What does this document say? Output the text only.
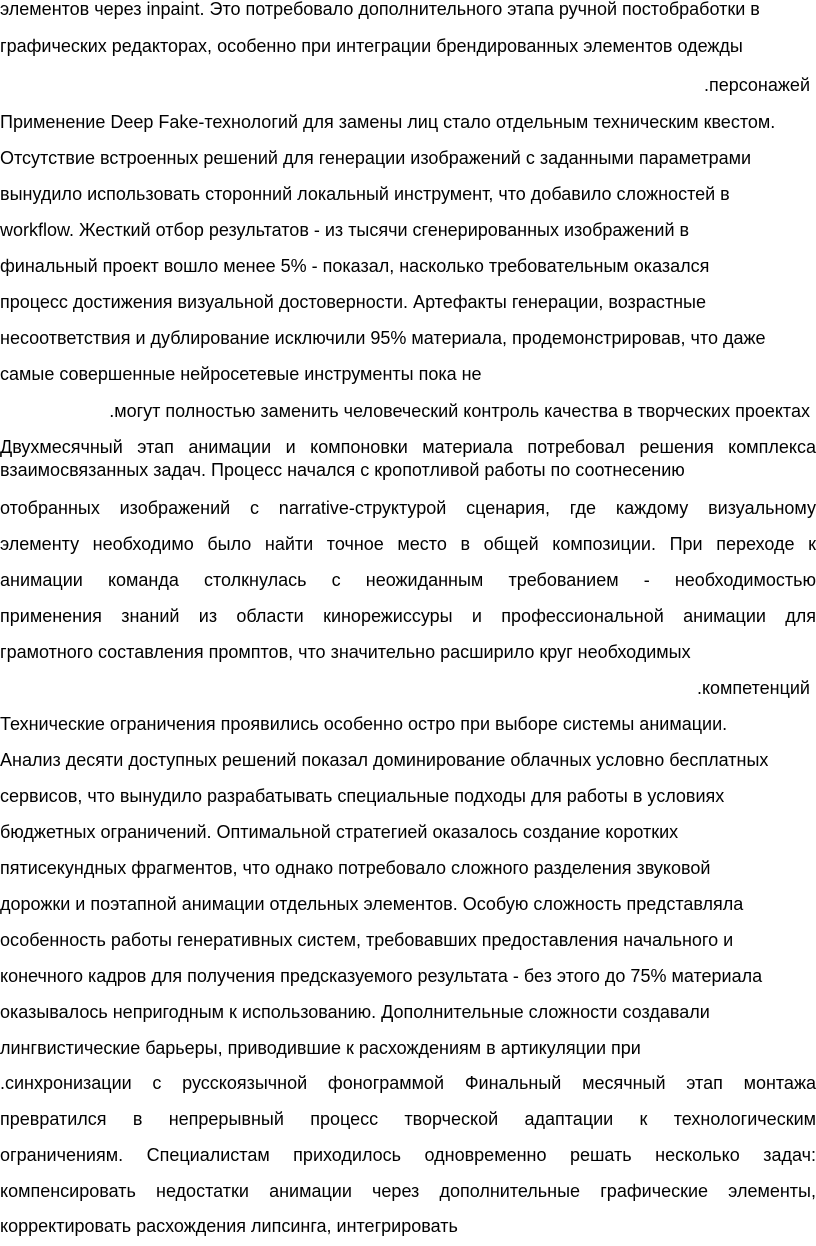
элементов через inpaint. Это потребовало дополнительного этапа ручной постобработки в
графических редакторах, особенно при интеграции брендированных элементов одежды
.персонажей
Применение Deep Fake-технологий для замены лиц стало отдельным техническим квестом.
Отсутствие встроенных решений для генерации изображений с заданными параметрами
вынудило использовать сторонний локальный инструмент, что добавило сложностей в
workflow. Жесткий отбор результатов - из тысячи сгенерированных изображений в
финальный проект вошло менее 5% - показал, насколько требовательным оказался
процесс достижения визуальной достоверности. Артефакты генерации, возрастные
несоответствия и дублирование исключили 95% материала, продемонстрировав, что даже
самые совершенные нейросетевые инструменты пока не
.могут полностью заменить человеческий контроль качества в творческих проектах
Двухмесячный этап анимации и компоновки материала потребовал решения комплекса
взаимосвязанных задач. Процесс начался с кропотливой работы по соотнесению
отобранных изображений с narrative-структурой сценария, где каждому визуальному
элементу необходимо было найти точное место в общей композиции. При переходе к
анимации команда столкнулась с неожиданным требованием - необходимостью
применения знаний из области кинорежиссуры и профессиональной анимации для
грамотного составления промптов, что значительно расширило круг необходимых
.компетенций
Технические ограничения проявились особенно остро при выборе системы анимации.
Анализ десяти доступных решений показал доминирование облачных условно бесплатных
сервисов, что вынудило разрабатывать специальные подходы для работы в условиях
бюджетных ограничений. Оптимальной стратегией оказалось создание коротких
пятисекундных фрагментов, что однако потребовало сложного разделения звуковой
дорожки и поэтапной анимации отдельных элементов. Особую сложность представляла
особенность работы генеративных систем, требовавших предоставления начального и
конечного кадров для получения предсказуемого результата - без этого до 75% материала
оказывалось непригодным к использованию. Дополнительные сложности создавали
лингвистические барьеры, приводившие к расхождениям в артикуляции при
.синхронизации с русскоязычной фонограммой Финальный месячный этап монтажа
превратился в непрерывный процесс творческой адаптации к технологическим
ограничениям. Специалистам приходилось одновременно решать несколько задач:
компенсировать недостатки анимации через дополнительные графические элементы,
корректировать расхождения липсинга, интегрировать
